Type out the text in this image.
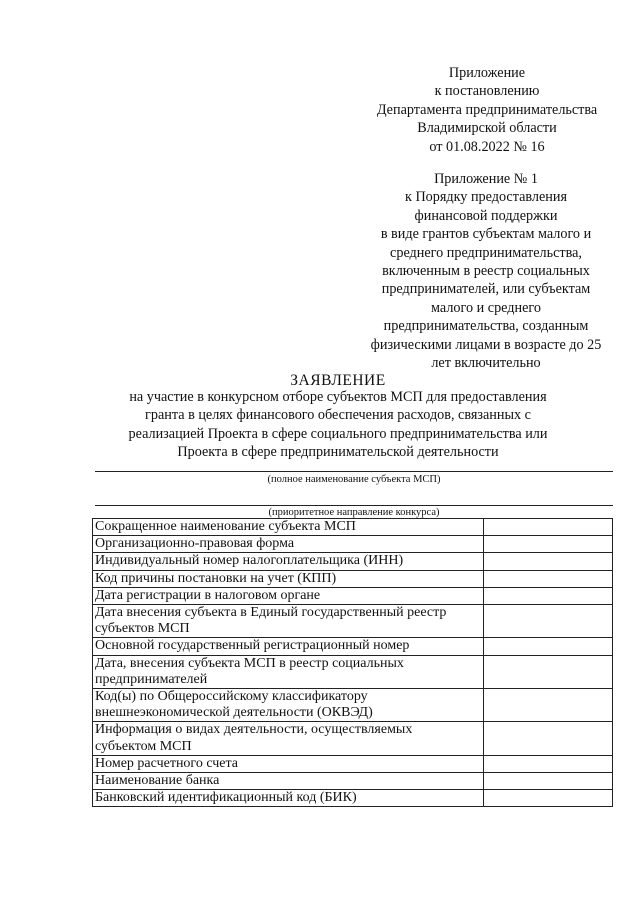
Приложение
к постановлению
Департамента предпринимательства
Владимирской области
от 01.08.2022 № 16
Приложение № 1
к Порядку предоставления
финансовой поддержки
в виде грантов субъектам малого и
среднего предпринимательства,
включенным в реестр социальных
предпринимателей, или субъектам
малого и среднего
предпринимательства, созданным
физическими лицами в возрасте до 25
лет включительно
ЗАЯВЛЕНИЕ
на участие в конкурсном отборе субъектов МСП для предоставления
гранта в целях финансового обеспечения расходов, связанных с
реализацией Проекта в сфере социального предпринимательства или
Проекта в сфере предпринимательской деятельности
(полное наименование субъекта МСП)
(приоритетное направление конкурса)
Сокращенное наименование субъекта МСП	

Организационно-правовая форма	

Индивидуальный номер налогоплательщика (ИНН)	

Код причины постановки на учет (КПП)	

Дата регистрации в налоговом органе	

Дата внесения субъекта в Единый государственный реестр
субъектов МСП	

Основной государственный регистрационный номер	

Дата, внесения субъекта МСП в реестр социальных
предпринимателей	

Код(ы) по Общероссийскому классификатору
внешнеэкономической деятельности (ОКВЭД)	

Информация о видах деятельности, осуществляемых
субъектом МСП	

Номер расчетного счета	

Наименование банка	

Банковский идентификационный код (БИК)	
